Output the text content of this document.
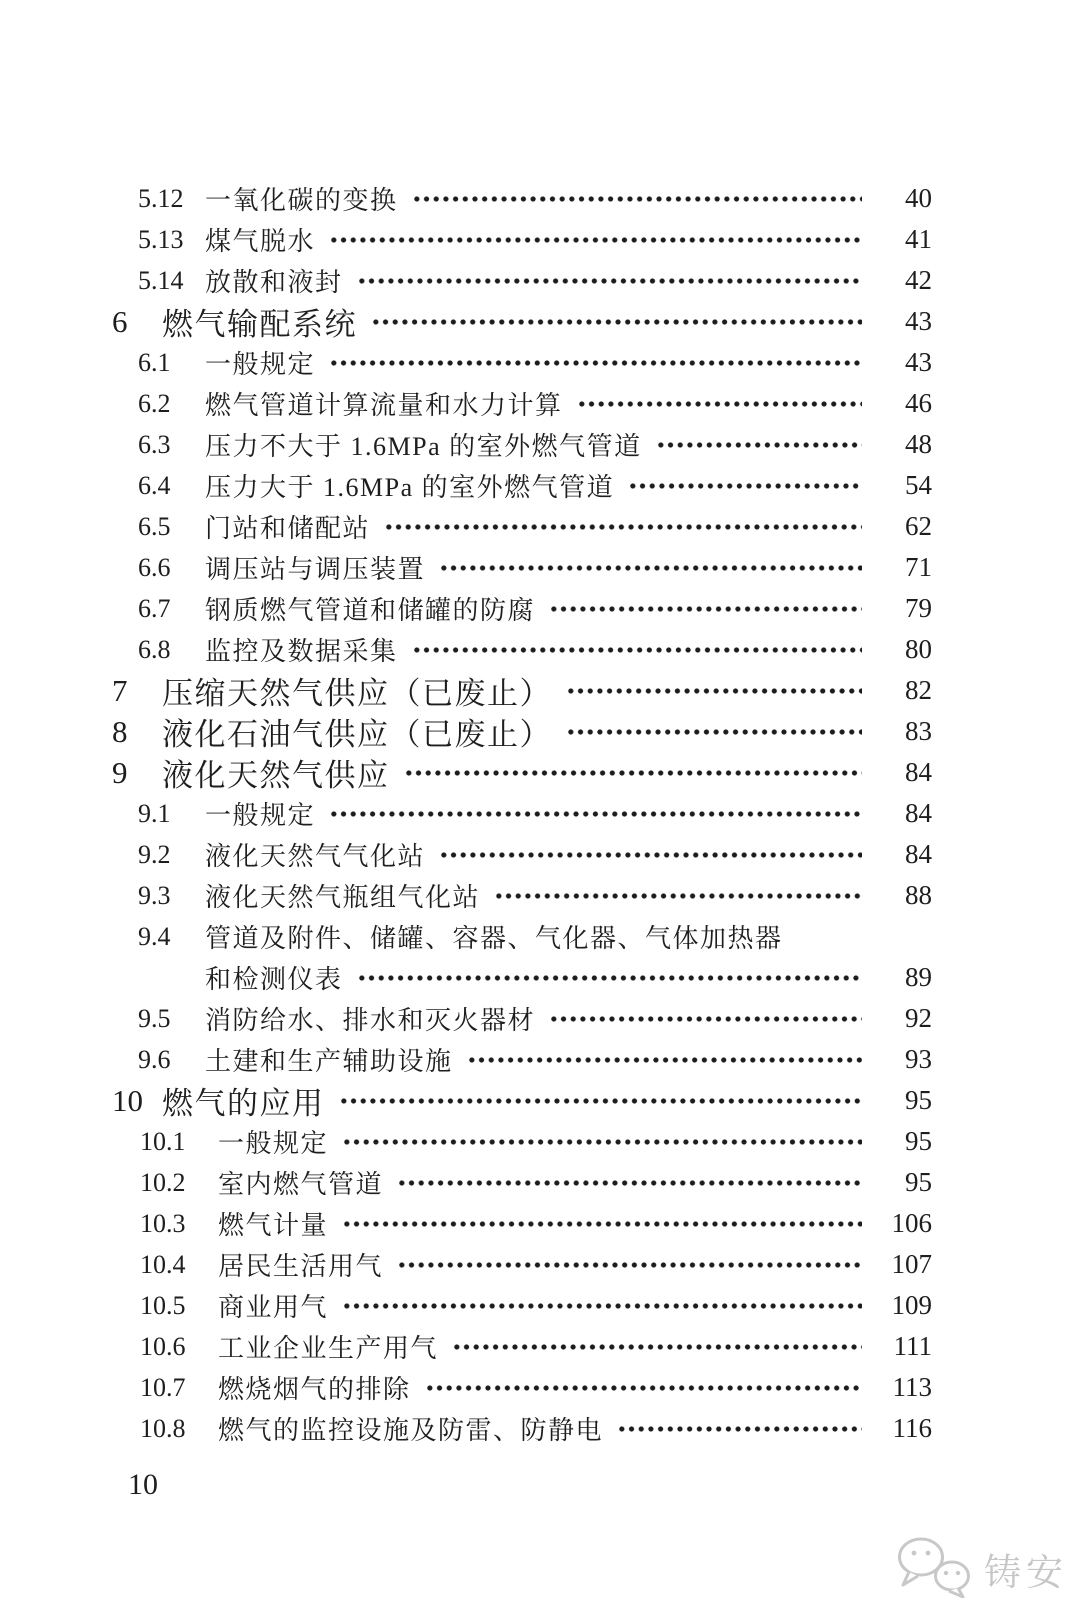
5.12 一氧化碳的变换	40
5.13 煤气脱水	41
5.14 放散和液封	42
6	燃气输配系统	43
6.1	一般规定	43
6.2	燃气管道计算流量和水力计算	46
6.3	压力不大于 1.6MPa 的室外燃气管道	48
6.4	压力大于 1.6MPa 的室外燃气管道	54
6.5	门站和储配站	62
6.6	调压站与调压装置	71
6.7	钢质燃气管道和储罐的防腐	79
6.8	监控及数据采集	80
7	压缩天然气供应（已废止）	82
8	液化石油气供应（已废止）	83
9	液化天然气供应	84
9.1	一般规定	84
9.2	液化天然气气化站	84
9.3	液化天然气瓶组气化站	88
9.4	管道及附件、储罐、容器、气化器、气体加热器
和检测仪表	89
9.5	消防给水、排水和灭火器材	92
9.6	土建和生产辅助设施	93
10 燃气的应用	95
10.1	一般规定	95
10.2	室内燃气管道	95
10.3	燃气计量	106
10.4	居民生活用气	107
10.5	商业用气	109
10.6	工业企业生产用气	111
10.7	燃烧烟气的排除	113
10.8	燃气的监控设施及防雷、防静电	116
10
铸安
